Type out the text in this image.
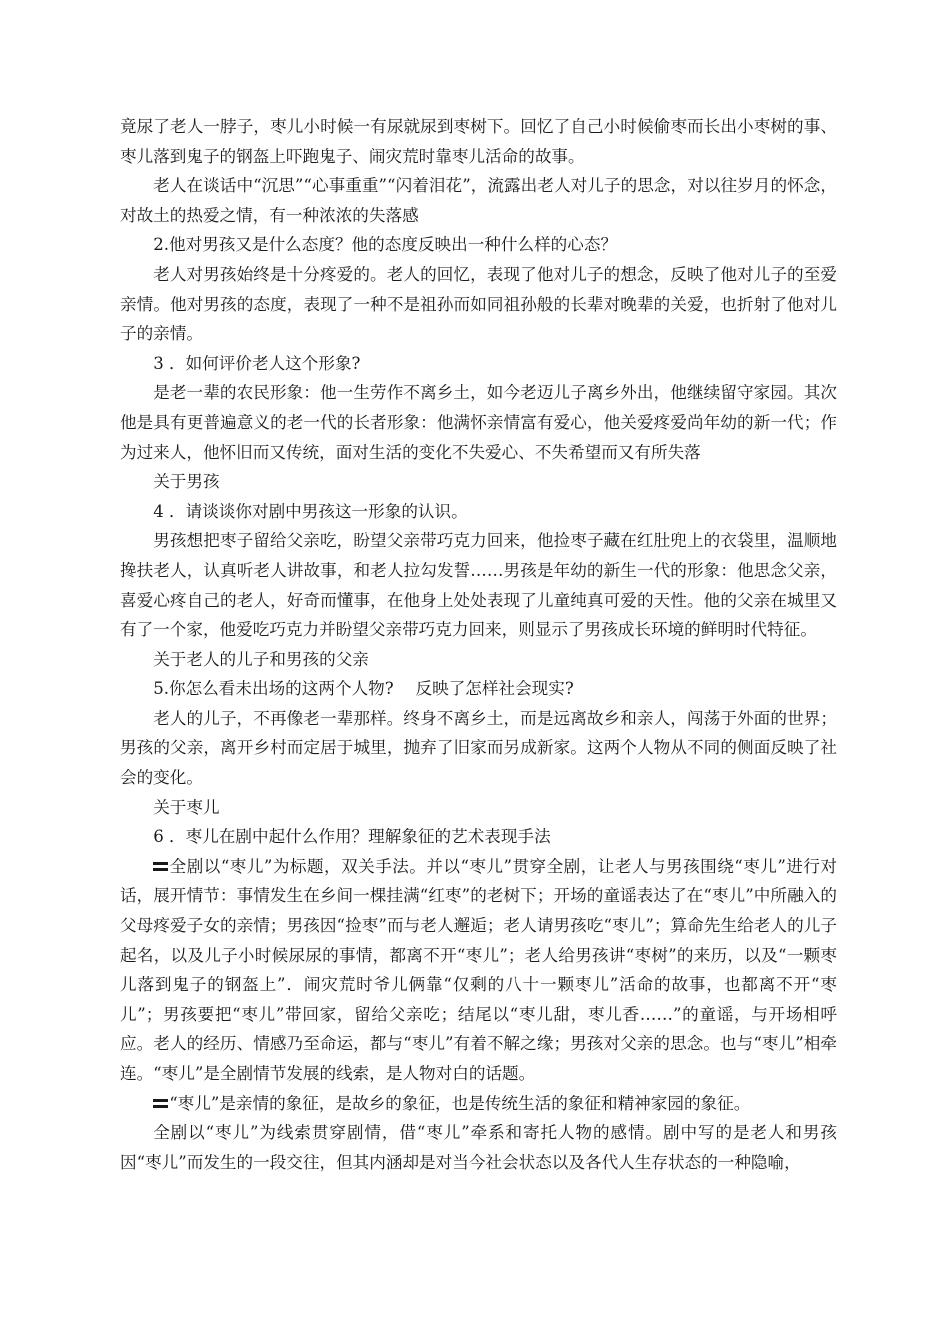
竟尿了老人一脖子，枣儿小时候一有尿就尿到枣树下。回忆了自己小时候偷枣而长出小枣树的事、枣儿落到鬼子的钢盔上吓跑鬼子、闹灾荒时靠枣儿活命的故事。

老人在谈话中“沉思”“心事重重”“闪着泪花”，流露出老人对儿子的思念，对以往岁月的怀念，对故土的热爱之情，有一种浓浓的失落感

2.他对男孩又是什么态度？他的态度反映出一种什么样的心态？

老人对男孩始终是十分疼爱的。老人的回忆，表现了他对儿子的想念，反映了他对儿子的至爱亲情。他对男孩的态度，表现了一种不是祖孙而如同祖孙般的长辈对晚辈的关爱，也折射了他对儿子的亲情。

3 ．如何评价老人这个形象?

是老一辈的农民形象：他一生劳作不离乡土，如今老迈儿子离乡外出，他继续留守家园。其次他是具有更普遍意义的老一代的长者形象：他满怀亲情富有爱心，他关爱疼爱尚年幼的新一代；作为过来人，他怀旧而又传统，面对生活的变化不失爱心、不失希望而又有所失落

关于男孩

4 ．请谈谈你对剧中男孩这一形象的认识。

男孩想把枣子留给父亲吃，盼望父亲带巧克力回来，他捡枣子藏在红肚兜上的衣袋里，温顺地搀扶老人，认真听老人讲故事，和老人拉勾发誓……男孩是年幼的新生一代的形象：他思念父亲，喜爱心疼自己的老人，好奇而懂事，在他身上处处表现了儿童纯真可爱的天性。他的父亲在城里又有了一个家，他爱吃巧克力并盼望父亲带巧克力回来，则显示了男孩成长环境的鲜明时代特征。

关于老人的儿子和男孩的父亲

5.你怎么看未出场的这两个人物?　 反映了怎样社会现实?

老人的儿子，不再像老一辈那样。终身不离乡土，而是远离故乡和亲人，闯荡于外面的世界；男孩的父亲，离开乡村而定居于城里，抛弃了旧家而另成新家。这两个人物从不同的侧面反映了社会的变化。

关于枣儿

6 ．枣儿在剧中起什么作用？理解象征的艺术表现手法

全剧以“枣儿”为标题，双关手法。并以“枣儿”贯穿全剧，让老人与男孩围绕“枣儿”进行对话，展开情节：事情发生在乡间一棵挂满“红枣”的老树下；开场的童谣表达了在“枣儿”中所融入的父母疼爱子女的亲情；男孩因“捡枣”而与老人邂逅；老人请男孩吃“枣儿”；算命先生给老人的儿子起名，以及儿子小时候尿尿的事情，都离不开“枣儿”；老人给男孩讲“枣树”的来历，以及“一颗枣儿落到鬼子的钢盔上”．闹灾荒时爷儿俩靠“仅剩的八十一颗枣儿”活命的故事，也都离不开“枣儿”；男孩要把“枣儿”带回家，留给父亲吃；结尾以“枣儿甜，枣儿香……”的童谣，与开场相呼应。老人的经历、情感乃至命运，都与“枣儿”有着不解之缘；男孩对父亲的思念。也与“枣儿”相牵连。“枣儿”是全剧情节发展的线索，是人物对白的话题。

“枣儿”是亲情的象征，是故乡的象征，也是传统生活的象征和精神家园的象征。

全剧以“枣儿”为线索贯穿剧情，借“枣儿”牵系和寄托人物的感情。剧中写的是老人和男孩因“枣儿”而发生的一段交往，但其内涵却是对当今社会状态以及各代人生存状态的一种隐喻，
